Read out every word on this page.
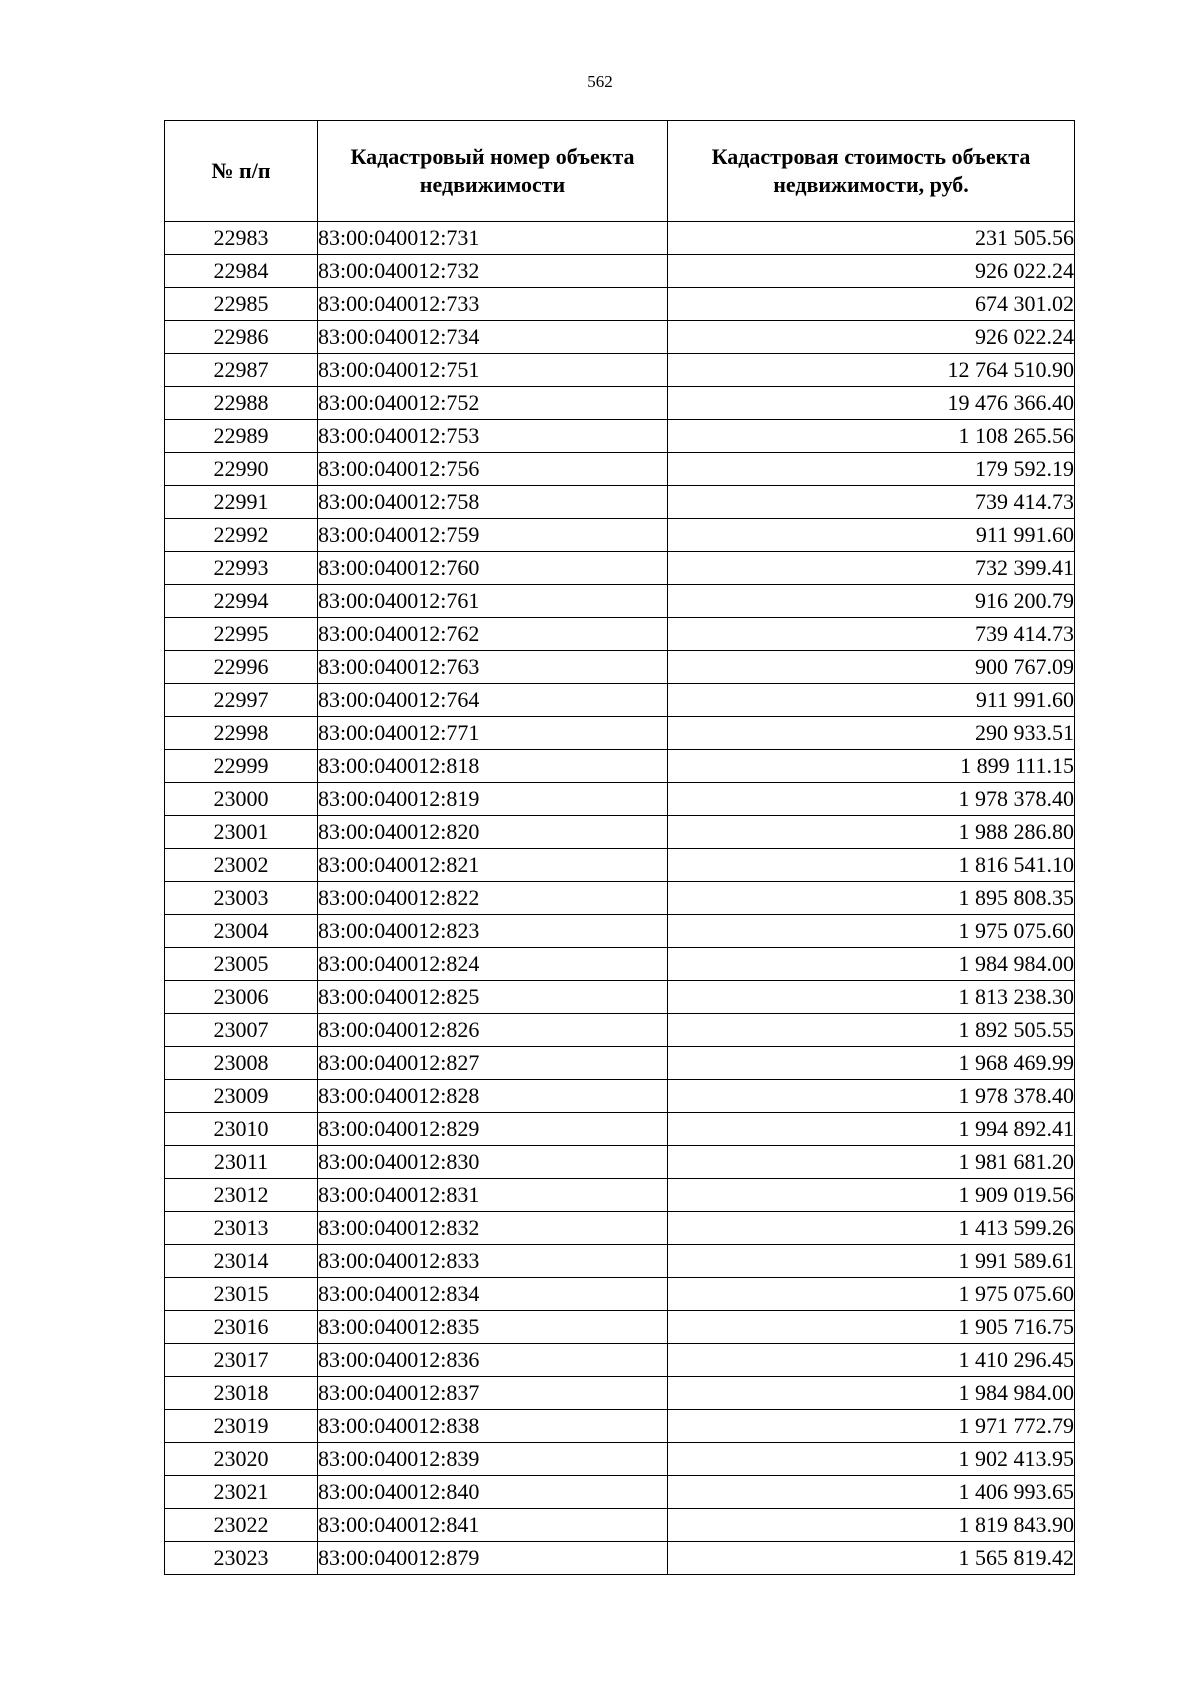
562
№ п/п	Кадастровый номер объекта недвижимости	Кадастровая стоимость объекта недвижимости, руб.
22983	83:00:040012:731	231 505.56
22984	83:00:040012:732	926 022.24
22985	83:00:040012:733	674 301.02
22986	83:00:040012:734	926 022.24
22987	83:00:040012:751	12 764 510.90
22988	83:00:040012:752	19 476 366.40
22989	83:00:040012:753	1 108 265.56
22990	83:00:040012:756	179 592.19
22991	83:00:040012:758	739 414.73
22992	83:00:040012:759	911 991.60
22993	83:00:040012:760	732 399.41
22994	83:00:040012:761	916 200.79
22995	83:00:040012:762	739 414.73
22996	83:00:040012:763	900 767.09
22997	83:00:040012:764	911 991.60
22998	83:00:040012:771	290 933.51
22999	83:00:040012:818	1 899 111.15
23000	83:00:040012:819	1 978 378.40
23001	83:00:040012:820	1 988 286.80
23002	83:00:040012:821	1 816 541.10
23003	83:00:040012:822	1 895 808.35
23004	83:00:040012:823	1 975 075.60
23005	83:00:040012:824	1 984 984.00
23006	83:00:040012:825	1 813 238.30
23007	83:00:040012:826	1 892 505.55
23008	83:00:040012:827	1 968 469.99
23009	83:00:040012:828	1 978 378.40
23010	83:00:040012:829	1 994 892.41
23011	83:00:040012:830	1 981 681.20
23012	83:00:040012:831	1 909 019.56
23013	83:00:040012:832	1 413 599.26
23014	83:00:040012:833	1 991 589.61
23015	83:00:040012:834	1 975 075.60
23016	83:00:040012:835	1 905 716.75
23017	83:00:040012:836	1 410 296.45
23018	83:00:040012:837	1 984 984.00
23019	83:00:040012:838	1 971 772.79
23020	83:00:040012:839	1 902 413.95
23021	83:00:040012:840	1 406 993.65
23022	83:00:040012:841	1 819 843.90
23023	83:00:040012:879	1 565 819.42
